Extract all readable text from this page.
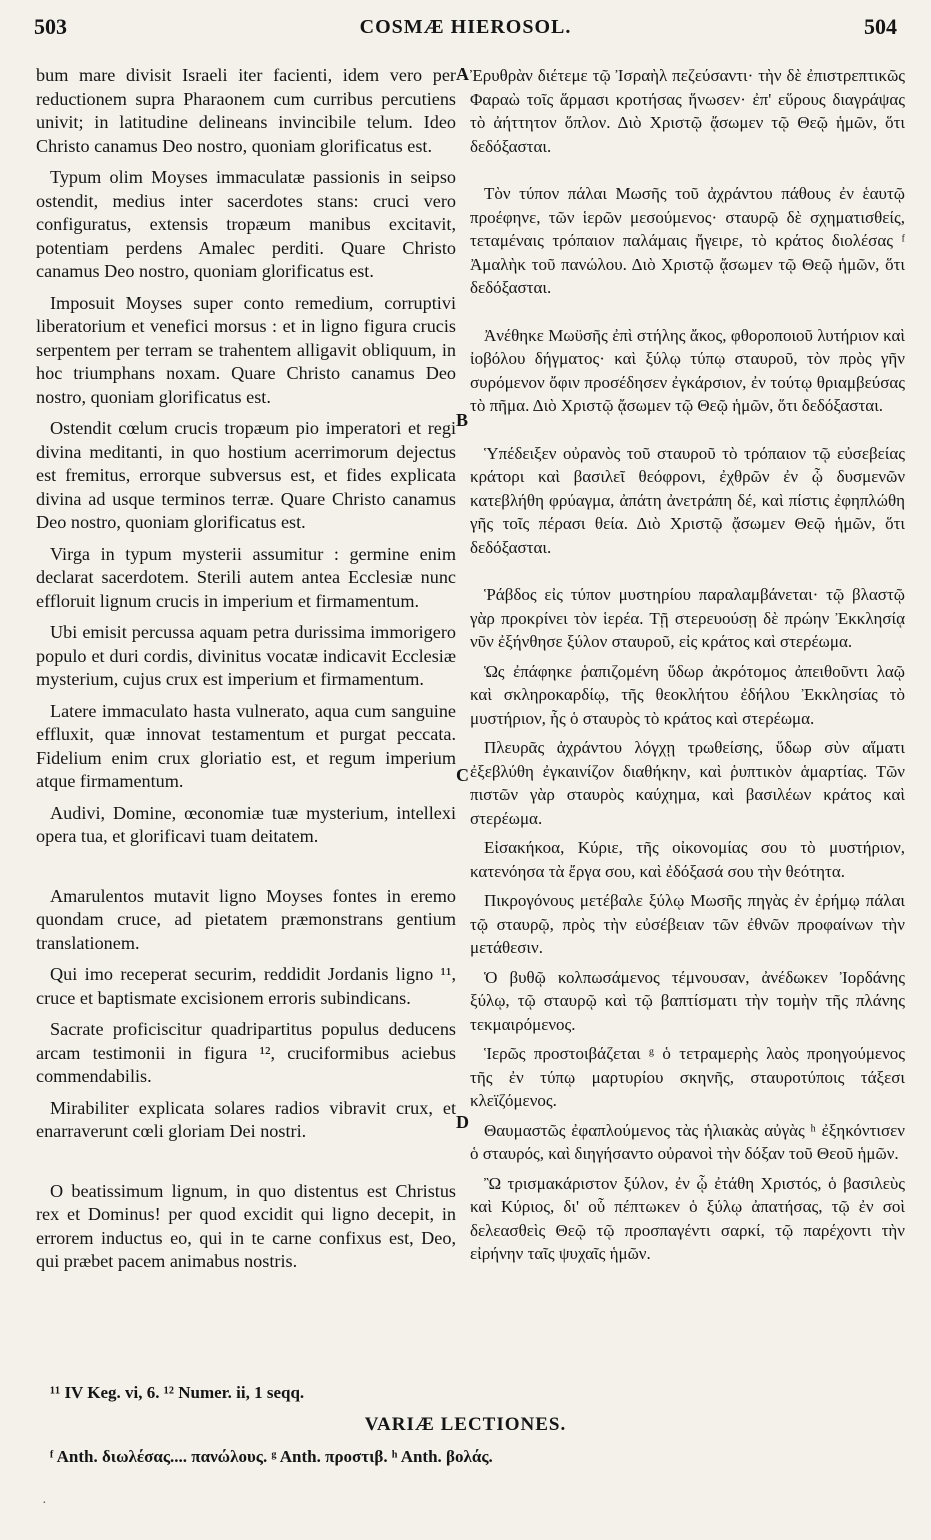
503	COSMÆ HIEROSOL.	504

bum mare divisit Israeli iter facienti, idem vero per reductionem supra Pharaonem cum curribus percutiens univit; in latitudine delineans invincibile telum. Ideo Christo canamus Deo nostro, quoniam glorificatus est.

Typum olim Moyses immaculatæ passionis in seipso ostendit, medius inter sacerdotes stans: cruci vero configuratus, extensis tropæum manibus excitavit, potentiam perdens Amalec perditi. Quare Christo canamus Deo nostro, quoniam glorificatus est.

Imposuit Moyses super conto remedium, corruptivi liberatorium et venefici morsus : et in ligno figura crucis serpentem per terram se trahentem alligavit obliquum, in hoc triumphans noxam. Quare Christo canamus Deo nostro, quoniam glorificatus est.

Ostendit cœlum crucis tropæum pio imperatori et regi divina meditanti, in quo hostium acerrimorum dejectus est fremitus, errorque subversus est, et fides explicata divina ad usque terminos terræ. Quare Christo canamus Deo nostro, quoniam glorificatus est.

Virga in typum mysterii assumitur : germine enim declarat sacerdotem. Sterili autem antea Ecclesiæ nunc effloruit lignum crucis in imperium et firmamentum.

Ubi emisit percussa aquam petra durissima immorigero populo et duri cordis, divinitus vocatæ indicavit Ecclesiæ mysterium, cujus crux est imperium et firmamentum.

Latere immaculato hasta vulnerato, aqua cum sanguine effluxit, quæ innovat testamentum et purgat peccata. Fidelium enim crux gloriatio est, et regum imperium atque firmamentum.

Audivi, Domine, œconomiæ tuæ mysterium, intellexi opera tua, et glorificavi tuam deitatem.

Amarulentos mutavit ligno Moyses fontes in eremo quondam cruce, ad pietatem præmonstrans gentium translationem.

Qui imo receperat securim, reddidit Jordanis ligno ¹¹, cruce et baptismate excisionem erroris subindicans.

Sacrate proficiscitur quadripartitus populus deducens arcam testimonii in figura ¹², cruciformibus aciebus commendabilis.

Mirabiliter explicata solares radios vibravit crux, et enarraverunt cœli gloriam Dei nostri.

O beatissimum lignum, in quo distentus est Christus rex et Dominus! per quod excidit qui ligno decepit, in errorem inductus eo, qui in te carne confixus est, Deo, qui præbet pacem animabus nostris.

A
B
C
D

Ἐρυθρὰν διέτεμε τῷ Ἰσραὴλ πεζεύσαντι· τὴν δὲ ἐπιστρεπτικῶς Φαραὼ τοῖς ἅρμασι κροτήσας ἥνωσεν· ἐπ' εὕρους διαγράψας τὸ ἀήττητον ὅπλον. Διὸ Χριστῷ ᾄσωμεν τῷ Θεῷ ἡμῶν, ὅτι δεδόξασται.

Τὸν τύπον πάλαι Μωσῆς τοῦ ἀχράντου πάθους ἐν ἑαυτῷ προέφηνε, τῶν ἱερῶν μεσούμενος· σταυρῷ δὲ σχηματισθείς, τεταμέναις τρόπαιον παλάμαις ἤγειρε, τὸ κράτος διολέσας ᶠ Ἀμαλὴκ τοῦ πανώλου. Διὸ Χριστῷ ᾄσωμεν τῷ Θεῷ ἡμῶν, ὅτι δεδόξασται.

Ἀνέθηκε Μωϋσῆς ἐπὶ στήλης ἄκος, φθοροποιοῦ λυτήριον καὶ ἰοβόλου δήγματος· καὶ ξύλῳ τύπῳ σταυροῦ, τὸν πρὸς γῆν συρόμενον ὄφιν προσέδησεν ἐγκάρσιον, ἐν τούτῳ θριαμβεύσας τὸ πῆμα. Διὸ Χριστῷ ᾄσωμεν τῷ Θεῷ ἡμῶν, ὅτι δεδόξασται.

Ὑπέδειξεν οὐρανὸς τοῦ σταυροῦ τὸ τρόπαιον τῷ εὐσεβείας κράτορι καὶ βασιλεῖ θεόφρονι, ἐχθρῶν ἐν ᾧ δυσμενῶν κατεβλήθη φρύαγμα, ἀπάτη ἀνετράπη δέ, καὶ πίστις ἐφηπλώθη γῆς τοῖς πέρασι θεία. Διὸ Χριστῷ ᾄσωμεν Θεῷ ἡμῶν, ὅτι δεδόξασται.

Ῥάβδος εἰς τύπον μυστηρίου παραλαμβάνεται· τῷ βλαστῷ γὰρ προκρίνει τὸν ἱερέα. Τῇ στερευούσῃ δὲ πρώην Ἐκκλησίᾳ νῦν ἐξήνθησε ξύλον σταυροῦ, εἰς κράτος καὶ στερέωμα.

Ὡς ἐπάφηκε ῥαπιζομένη ὕδωρ ἀκρότομος ἀπειθοῦντι λαῷ καὶ σκληροκαρδίῳ, τῆς θεοκλήτου ἐδήλου Ἐκκλησίας τὸ μυστήριον, ἧς ὁ σταυρὸς τὸ κράτος καὶ στερέωμα.

Πλευρᾶς ἀχράντου λόγχῃ τρωθείσης, ὕδωρ σὺν αἵματι ἐξεβλύθη ἐγκαινίζον διαθήκην, καὶ ῥυπτικὸν ἁμαρτίας. Τῶν πιστῶν γὰρ σταυρὸς καύχημα, καὶ βασιλέων κράτος καὶ στερέωμα.

Εἰσακήκοα, Κύριε, τῆς οἰκονομίας σου τὸ μυστήριον, κατενόησα τὰ ἔργα σου, καὶ ἐδόξασά σου τὴν θεότητα.

Πικρογόνους μετέβαλε ξύλῳ Μωσῆς πηγὰς ἐν ἐρήμῳ πάλαι τῷ σταυρῷ, πρὸς τὴν εὐσέβειαν τῶν ἐθνῶν προφαίνων τὴν μετάθεσιν.

Ὁ βυθῷ κολπωσάμενος τέμνουσαν, ἀνέδωκεν Ἰορδάνης ξύλῳ, τῷ σταυρῷ καὶ τῷ βαπτίσματι τὴν τομὴν τῆς πλάνης τεκμαιρόμενος.

Ἱερῶς προστοιβάζεται ᵍ ὁ τετραμερὴς λαὸς προηγούμενος τῆς ἐν τύπῳ μαρτυρίου σκηνῆς, σταυροτύποις τάξεσι κλεϊζόμενος.

Θαυμαστῶς ἐφαπλούμενος τὰς ἡλιακὰς αὐγὰς ʰ ἐξηκόντισεν ὁ σταυρός, καὶ διηγήσαντο οὐρανοὶ τὴν δόξαν τοῦ Θεοῦ ἡμῶν.

Ὢ τρισμακάριστον ξύλον, ἐν ᾧ ἐτάθη Χριστός, ὁ βασιλεὺς καὶ Κύριος, δι' οὗ πέπτωκεν ὁ ξύλῳ ἀπατήσας, τῷ ἐν σοὶ δελεασθεὶς Θεῷ τῷ προσπαγέντι σαρκί, τῷ παρέχοντι τὴν εἰρήνην ταῖς ψυχαῖς ἡμῶν.

¹¹ IV Keg. vi, 6. ¹² Numer. ii, 1 seqq.
VARIÆ LECTIONES.
ᶠ Anth. διωλέσας.... πανώλους. ᵍ Anth. προστιβ. ʰ Anth. βολάς.
·
